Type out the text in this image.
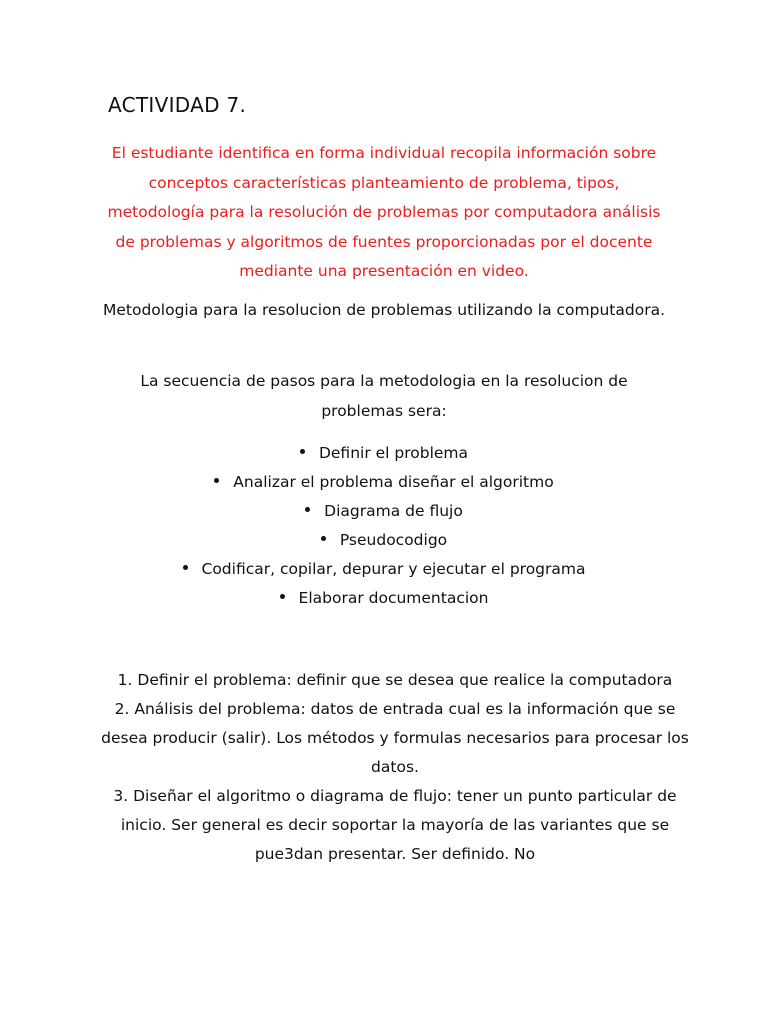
ACTIVIDAD 7.

El estudiante identifica en forma individual recopila información sobre conceptos características planteamiento de problema, tipos, metodología para la resolución de problemas por computadora análisis de problemas y algoritmos de fuentes proporcionadas por el docente mediante una presentación en video.

Metodologia para la resolucion de problemas utilizando la computadora.

La secuencia de pasos para la metodologia en la resolucion de problemas sera:

Definir el problema
Analizar el problema diseñar el algoritmo
Diagrama de flujo
Pseudocodigo
Codificar, copilar, depurar y ejecutar el programa
Elaborar documentacion
1. Definir el problema: definir que se desea que realice la computadora
2. Análisis del problema: datos de entrada cual es la información que se desea producir (salir). Los métodos y formulas necesarios para procesar los datos.
3. Diseñar el algoritmo o diagrama de flujo: tener un punto particular de inicio. Ser general es decir soportar la mayoría de las variantes que se pue3dan presentar. Ser definido. No
